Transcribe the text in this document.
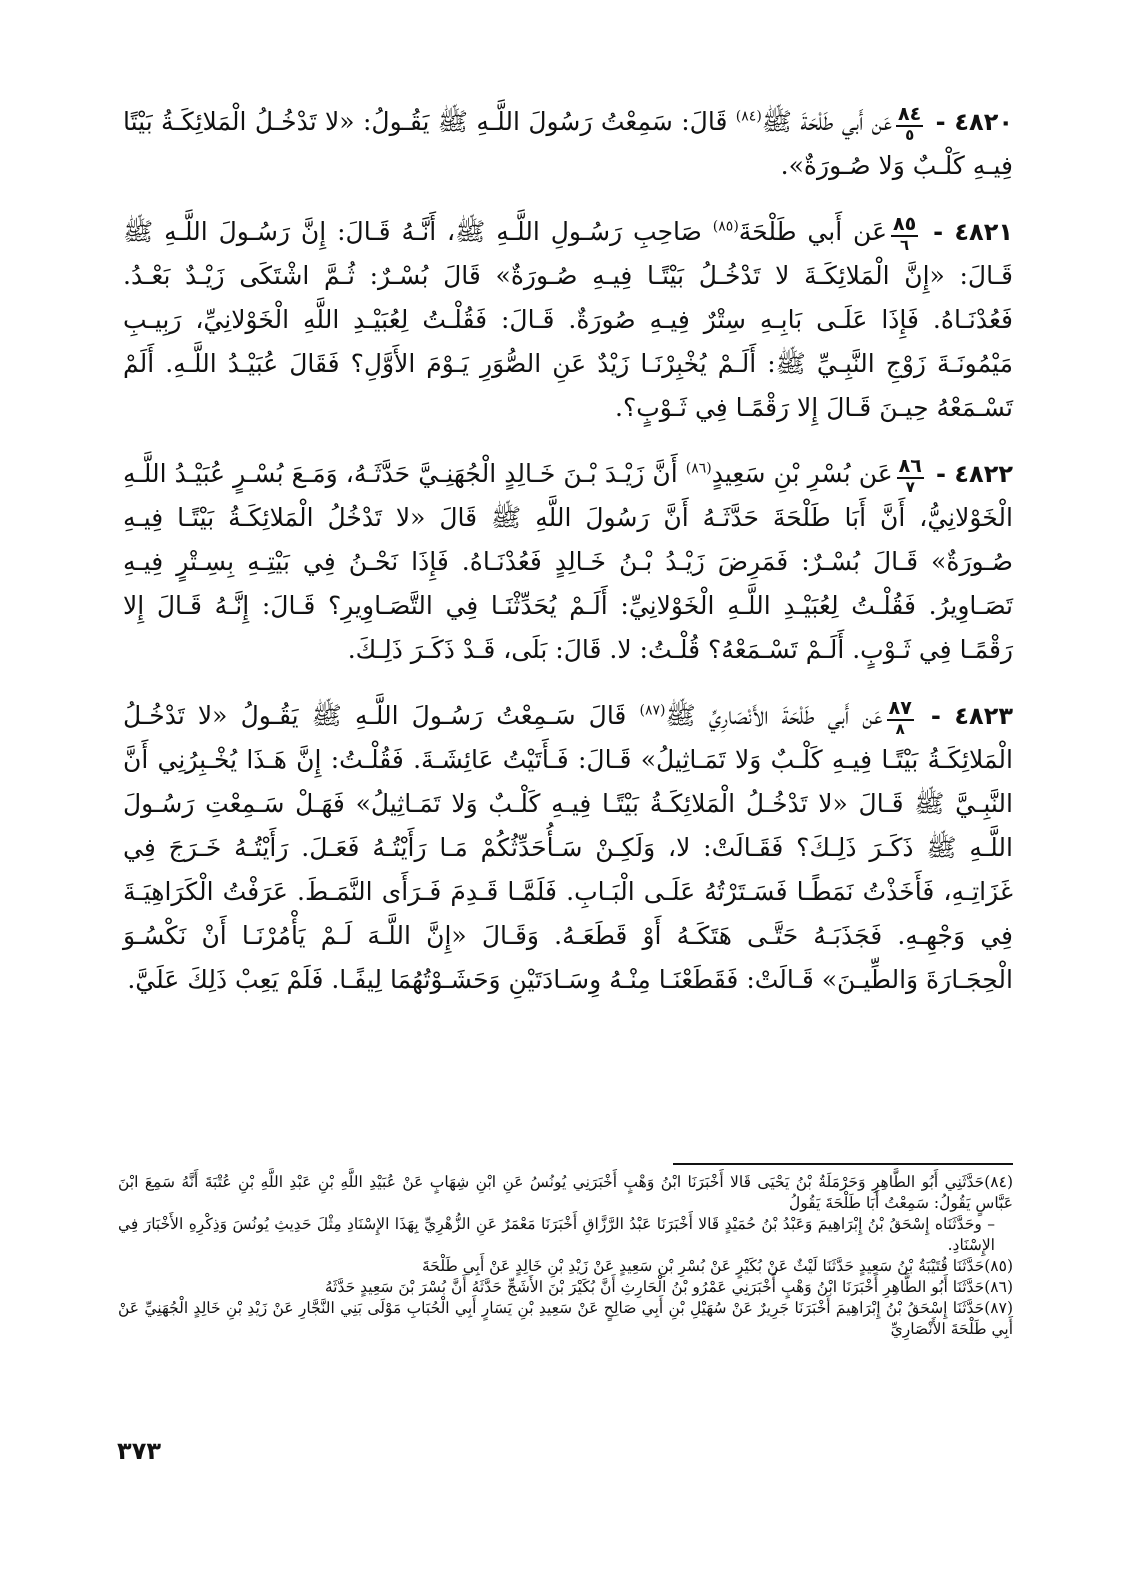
٤٨٢٠ -
$\frac{٨٤}{٥}$
عَن أَبي طَلْحَةَ ﷺ$^{(٨٤)}$ قَالَ: سَمِعْتُ رَسُولَ اللَّـهِ ﷺ يَقُـولُ: «لا تَدْخُـلُ الْمَلائِكَـةُ بَيْتًا فِيـهِ كَلْـبٌ وَلا صُـورَةٌ».

٤٨٢١ -
$\frac{٨٥}{٦}$
عَن أَبي طَلْحَةَ$^{(٨٥)}$ صَاحِبِ رَسُـولِ اللَّـهِ ﷺ، أَنَّـهُ قَـالَ: إِنَّ رَسُـولَ اللَّـهِ ﷺ قَـالَ: «إِنَّ الْمَلائِكَـةَ لا تَدْخُـلُ بَيْتًـا فِيـهِ صُـورَةٌ» قَالَ بُسْـرٌ: ثُـمَّ اشْتَكَى زَيْـدٌ بَعْـدُ. فَعُدْنَـاهُ. فَإِذَا عَلَـى بَابِـهِ سِتْرٌ فِيـهِ صُورَةٌ. قَـالَ: فَقُلْـتُ لِعُبَيْـدِ اللَّهِ الْخَوْلانِيِّ، رَبِيـبِ مَيْمُونَـةَ زَوْجِ النَّبِـيِّ ﷺ: أَلَـمْ يُخْبِرْنَـا زَيْدٌ عَنِ الصُّوَرِ يَـوْمَ الأَوَّلِ؟ فَقَالَ عُبَيْـدُ اللَّـهِ. أَلَمْ تَسْـمَعْهُ حِيـنَ قَـالَ إِلا رَقْمًـا فِي ثَـوْبٍ؟.

٤٨٢٢ -
$\frac{٨٦}{٧}$
عَن بُسْرِ بْنِ سَعِيدٍ$^{(٨٦)}$ أَنَّ زَيْـدَ بْـنَ خَـالِدٍ الْجُهَنِـيَّ حَدَّثَـهُ، وَمَـعَ بُسْـرٍ عُبَيْـدُ اللَّـهِ الْخَوْلانِيُّ، أَنَّ أَبَا طَلْحَةَ حَدَّثَـهُ أَنَّ رَسُولَ اللَّهِ ﷺ قَالَ «لا تَدْخُلُ الْمَلائِكَـةُ بَيْتًـا فِيـهِ صُـورَةٌ» قَـالَ بُسْـرٌ: فَمَرِضَ زَيْـدُ بْـنُ خَـالِدٍ فَعُدْنَـاهُ. فَإِذَا نَحْـنُ فِي بَيْتِـهِ بِسِـتْرٍ فِيـهِ تَصَـاوِيرُ. فَقُلْـتُ لِعُبَيْـدِ اللَّـهِ الْخَوْلانِيِّ: أَلَـمْ يُحَدِّثْنَـا فِي التَّصَـاوِيرِ؟ قَـالَ: إِنَّـهُ قَـالَ إِلا رَقْمًـا فِي ثَـوْبٍ. أَلَـمْ تَسْـمَعْهُ؟ قُلْـتُ: لا. قَالَ: بَلَى، قَـدْ ذَكَـرَ ذَلِـكَ.

٤٨٢٣ -
$\frac{٨٧}{٨}$
عَن أَبي طَلْحَةَ الأَنْصَارِيِّ ﷺ$^{(٨٧)}$ قَالَ سَـمِعْتُ رَسُـولَ اللَّـهِ ﷺ يَقُـولُ «لا تَدْخُـلُ الْمَلائِكَـةُ بَيْتًـا فِيـهِ كَلْـبٌ وَلا تَمَـاثِيلُ» قَـالَ: فَـأَتَيْتُ عَائِشَـةَ. فَقُلْـتُ: إِنَّ هَـذَا يُخْـبِرُنِي أَنَّ النَّبِـيَّ ﷺ قَـالَ «لا تَدْخُـلُ الْمَلائِكَـةُ بَيْتًـا فِيـهِ كَلْـبٌ وَلا تَمَـاثِيلُ» فَهَـلْ سَـمِعْتِ رَسُـولَ اللَّـهِ ﷺ ذَكَـرَ ذَلِـكَ؟ فَقَـالَتْ: لا، وَلَكِـنْ سَـأُحَدِّثُكُمْ مَـا رَأَيْتُـهُ فَعَـلَ. رَأَيْتُـهُ خَـرَجَ فِي غَزَاتِـهِ، فَأَخَذْتُ نَمَطًـا فَسَـتَرْتُهُ عَلَـى الْبَـابِ. فَلَمَّـا قَـدِمَ فَـرَأَى النَّمَـطَ. عَرَفْتُ الْكَرَاهِيَـةَ فِي وَجْهِـهِ. فَجَذَبَـهُ حَتَّـى هَتَكَـهُ أَوْ قَطَعَـهُ. وَقَـالَ «إِنَّ اللَّـهَ لَـمْ يَأْمُرْنَـا أَنْ نَكْسُـوَ الْحِجَـارَةَ وَالطِّيـنَ» قَـالَتْ: فَقَطَعْنَـا مِنْـهُ وِسَـادَتَيْنِ وَحَشَـوْتُهُمَا لِيفًـا. فَلَمْ يَعِبْ ذَلِكَ عَلَيَّ.

(٨٤)حَدَّثَنِي أَبُو الطَّاهِرِ وَحَرْمَلَةُ بْنُ يَحْيَى قَالا أَخْبَرَنَا ابْنُ وَهْبٍ أَخْبَرَنِي يُونُسُ عَنِ ابْنِ شِهَابٍ عَنْ عُبَيْدِ اللَّهِ بْنِ عَبْدِ اللَّهِ بْنِ عُتْبَةَ أَنَّهُ سَمِعَ ابْنَ عَبَّاسٍ يَقُولُ: سَمِعْتُ أَبَا طَلْحَةَ يَقُولُ

– وحَدَّثَنَاه إِسْحَقُ بْنُ إِبْرَاهِيمَ وَعَبْدُ بْنُ حُمَيْدٍ قَالا أَخْبَرَنَا عَبْدُ الرَّزَّاقِ أَخْبَرَنَا مَعْمَرٌ عَنِ الزُّهْرِيِّ بِهَذَا الإِسْنَادِ مِثْلَ حَدِيثِ يُونُسَ وَذِكْرِهِ الأَخْبَارَ فِي الإِسْنَادِ.

(٨٥)حَدَّثَنَا قُتَيْبَةُ بْنُ سَعِيدٍ حَدَّثَنَا لَيْثٌ عَنْ بُكَيْرٍ عَنْ بُسْرِ بْنِ سَعِيدٍ عَنْ زَيْدِ بْنِ خَالِدٍ عَنْ أَبِي طَلْحَةَ

(٨٦)حَدَّثَنَا أَبُو الطَّاهِرِ أَخْبَرَنَا ابْنُ وَهْبٍ أَخْبَرَنِي عَمْرُو بْنُ الْحَارِثِ أَنَّ بُكَيْرَ بْنَ الأَشَجِّ حَدَّثَهُ أَنَّ بُسْرَ بْنَ سَعِيدٍ حَدَّثَهُ

(٨٧)حَدَّثَنَا إِسْحَقُ بْنُ إِبْرَاهِيمَ أَخْبَرَنَا جَرِيرٌ عَنْ سُهَيْلِ بْنِ أَبِي صَالِحٍ عَنْ سَعِيدِ بْنِ يَسَارٍ أَبِي الْحُبَابِ مَوْلَى بَنِي النَّجَّارِ عَنْ زَيْدِ بْنِ خَالِدٍ الْجُهَنِيِّ عَنْ أَبِي طَلْحَةَ الأَنْصَارِيِّ

٣٧٣
